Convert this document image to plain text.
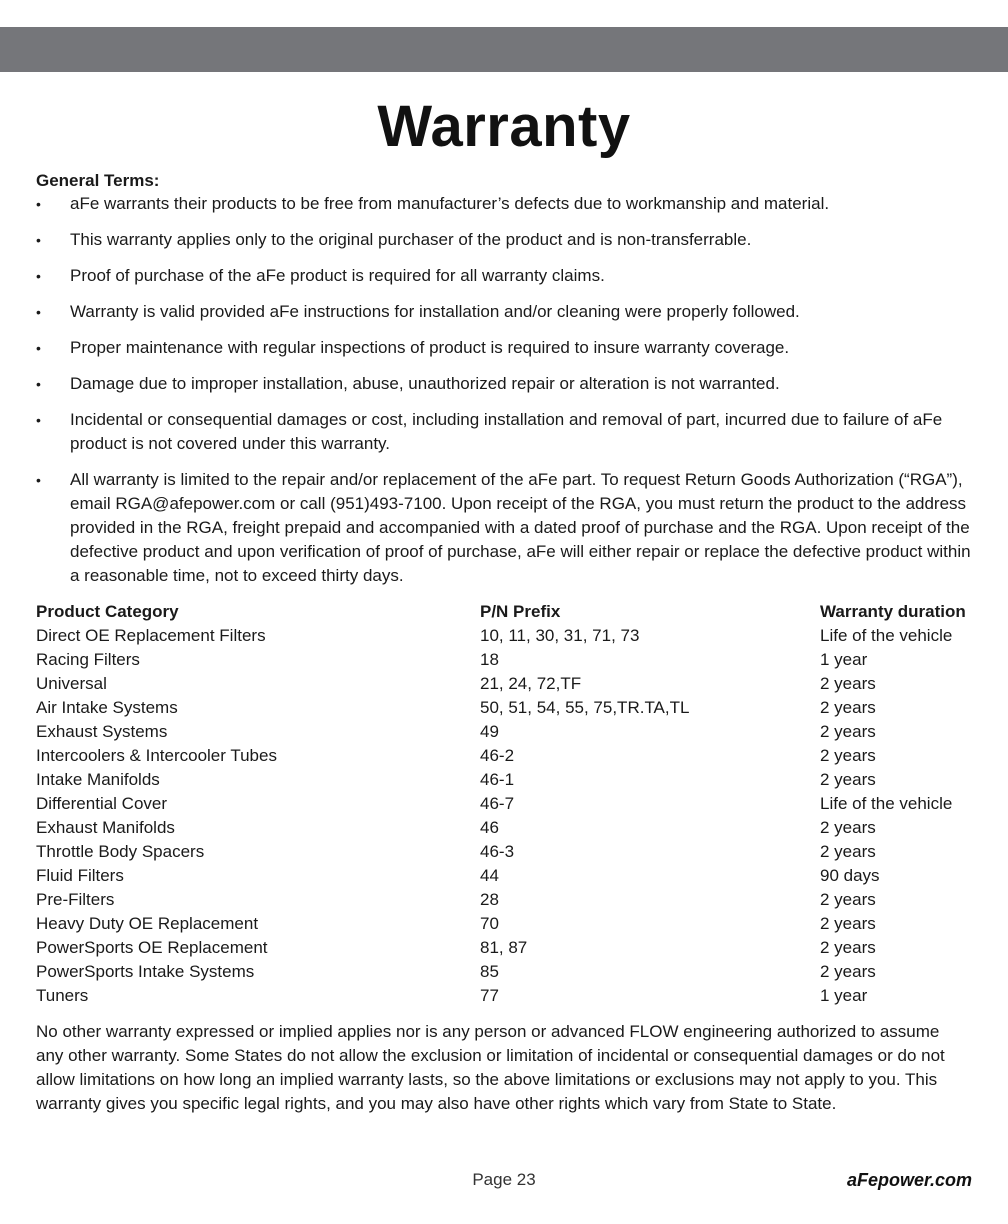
Warranty

General Terms:

• aFe warrants their products to be free from manufacturer’s defects due to workmanship and material.
• This warranty applies only to the original purchaser of the product and is non-transferrable.
• Proof of purchase of the aFe product is required for all warranty claims.
• Warranty is valid provided aFe instructions for installation and/or cleaning were properly followed.
• Proper maintenance with regular inspections of product is required to insure warranty coverage.
• Damage due to improper installation, abuse, unauthorized repair or alteration is not warranted.
• Incidental or consequential damages or cost, including installation and removal of part, incurred due to failure of aFe product is not covered under this warranty.
• All warranty is limited to the repair and/or replacement of the aFe part. To request Return Goods Authorization (“RGA”), email RGA@afepower.com or call (951)493-7100. Upon receipt of the RGA, you must return the product to the address provided in the RGA, freight prepaid and accompanied with a dated proof of purchase and the RGA. Upon receipt of the defective product and upon verification of proof of purchase, aFe will either repair or replace the defective product within a reasonable time, not to exceed thirty days.
Product Category	P/N Prefix	Warranty duration
Direct OE Replacement Filters	10, 11, 30, 31, 71, 73	Life of the vehicle
Racing Filters	18	1 year
Universal	21, 24, 72,TF	2 years
Air Intake Systems	50, 51, 54, 55, 75,TR.TA,TL	2 years
Exhaust Systems	49	2 years
Intercoolers & Intercooler Tubes	46-2	2 years
Intake Manifolds	46-1	2 years
Differential Cover	46-7	Life of the vehicle
Exhaust Manifolds	46	2 years
Throttle Body Spacers	46-3	2 years
Fluid Filters	44	90 days
Pre-Filters	28	2 years
Heavy Duty OE Replacement	70	2 years
PowerSports OE Replacement	81, 87	2 years
PowerSports Intake Systems	85	2 years
Tuners	77	1 year

No other warranty expressed or implied applies nor is any person or advanced FLOW engineering authorized to assume any other warranty. Some States do not allow the exclusion or limitation of incidental or consequential damages or do not allow limitations on how long an implied warranty lasts, so the above limitations or exclusions may not apply to you. This warranty gives you specific legal rights, and you may also have other rights which vary from State to State.

Page 23	aFepower.com
